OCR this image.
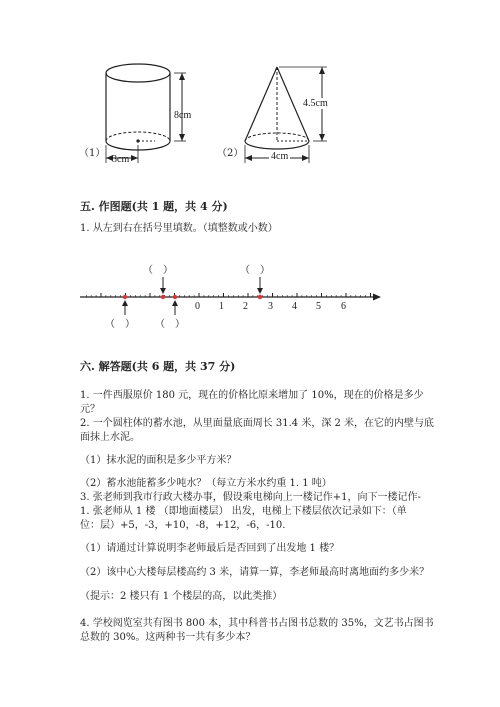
（1）
8cm
3cm
（2）
4.5cm
4cm
五. 作图题(共 1 题，共 4 分)
1. 从左到右在括号里填数。（填整数或小数）
0 1 2 3 4 5 6
（　）	（　）
（　） （　）
六. 解答题(共 6 题，共 37 分)
1. 一件西服原价 180 元，现在的价格比原来增加了 10%，现在的价格是多少
元？
2. 一个圆柱体的蓄水池，从里面量底面周长 31.4 米，深 2 米，在它的内壁与底
面抹上水泥。
（1）抹水泥的面积是多少平方米？
（2）蓄水池能蓄多少吨水？（每立方米水约重 1. 1 吨）
3. 张老师到我市行政大楼办事，假设乘电梯向上一楼记作+1，向下一楼记作-
1. 张老师从 1 楼 （即地面楼层） 出发，电梯上下楼层依次记录如下：（单
位：层）+5，-3，+10，-8，+12，-6，-10.
（1）请通过计算说明李老师最后是否回到了出发地 1 楼？
（2）该中心大楼每层楼高约 3 米，请算一算，李老师最高时离地面约多少米？
（提示：2 楼只有 1 个楼层的高，以此类推）
4. 学校阅览室共有图书 800 本，其中科普书占图书总数的 35%，文艺书占图书
总数的 30%。这两种书一共有多少本？
